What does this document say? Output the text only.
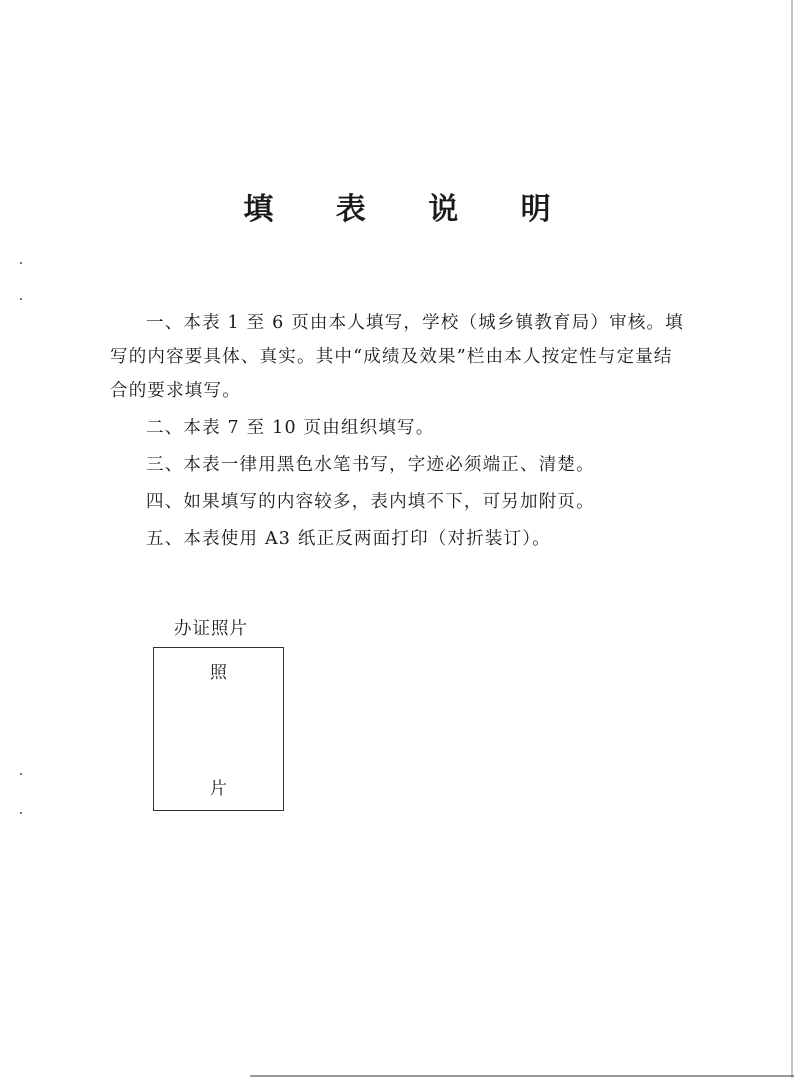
填 表 说 明

一、本表 1 至 6 页由本人填写，学校（城乡镇教育局）审核。填写的内容要具体、真实。其中“成绩及效果”栏由本人按定性与定量结合的要求填写。

二、本表 7 至 10 页由组织填写。

三、本表一律用黑色水笔书写，字迹必须端正、清楚。

四、如果填写的内容较多，表内填不下，可另加附页。

五、本表使用 A3 纸正反两面打印（对折装订）。

办证照片
照
片
